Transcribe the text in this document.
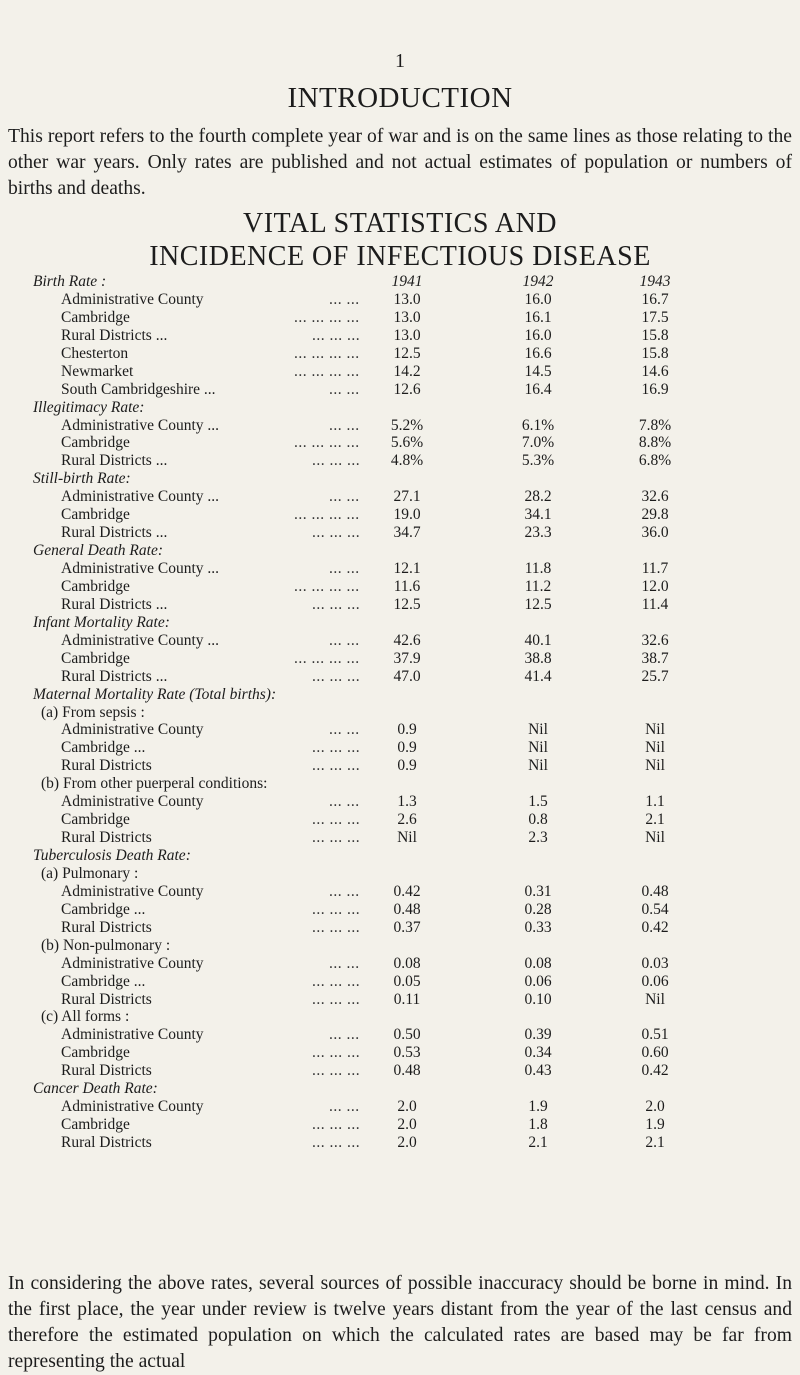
1
INTRODUCTION
This report refers to the fourth complete year of war and is on the same lines as those relating to the other war years. Only rates are published and not actual estimates of population or numbers of births and deaths.
VITAL STATISTICS AND
INCIDENCE OF INFECTIOUS DISEASE
Birth Rate :	1941	1942	1943
Administrative County	... ...	13.0	16.0	16.7
Cambridge	... ... ... ...	13.0	16.1	17.5
Rural Districts ...	... ... ...	13.0	16.0	15.8
Chesterton	... ... ... ...	12.5	16.6	15.8
Newmarket	... ... ... ...	14.2	14.5	14.6
South Cambridgeshire ...	... ...	12.6	16.4	16.9
Illegitimacy Rate:
Administrative County ...	... ...	5.2%	6.1%	7.8%
Cambridge	... ... ... ...	5.6%	7.0%	8.8%
Rural Districts ...	... ... ...	4.8%	5.3%	6.8%
Still-birth Rate:
Administrative County ...	... ...	27.1	28.2	32.6
Cambridge	... ... ... ...	19.0	34.1	29.8
Rural Districts ...	... ... ...	34.7	23.3	36.0
General Death Rate:
Administrative County ...	... ...	12.1	11.8	11.7
Cambridge	... ... ... ...	11.6	11.2	12.0
Rural Districts ...	... ... ...	12.5	12.5	11.4
Infant Mortality Rate:
Administrative County ...	... ...	42.6	40.1	32.6
Cambridge	... ... ... ...	37.9	38.8	38.7
Rural Districts ...	... ... ...	47.0	41.4	25.7
Maternal Mortality Rate (Total births):
(a) From sepsis :
Administrative County	... ...	0.9	Nil	Nil
Cambridge ...	... ... ...	0.9	Nil	Nil
Rural Districts	... ... ...	0.9	Nil	Nil
(b) From other puerperal conditions:
Administrative County	... ...	1.3	1.5	1.1
Cambridge	... ... ...	2.6	0.8	2.1
Rural Districts	... ... ...	Nil	2.3	Nil
Tuberculosis Death Rate:
(a) Pulmonary :
Administrative County	... ...	0.42	0.31	0.48
Cambridge ...	... ... ...	0.48	0.28	0.54
Rural Districts	... ... ...	0.37	0.33	0.42
(b) Non-pulmonary :
Administrative County	... ...	0.08	0.08	0.03
Cambridge ...	... ... ...	0.05	0.06	0.06
Rural Districts	... ... ...	0.11	0.10	Nil
(c) All forms :
Administrative County	... ...	0.50	0.39	0.51
Cambridge	... ... ...	0.53	0.34	0.60
Rural Districts	... ... ...	0.48	0.43	0.42
Cancer Death Rate:
Administrative County	... ...	2.0	1.9	2.0
Cambridge	... ... ...	2.0	1.8	1.9
Rural Districts	... ... ...	2.0	2.1	2.1
In considering the above rates, several sources of possible inaccuracy should be borne in mind. In the first place, the year under review is twelve years distant from the year of the last census and therefore the estimated population on which the calculated rates are based may be far from representing the actual
